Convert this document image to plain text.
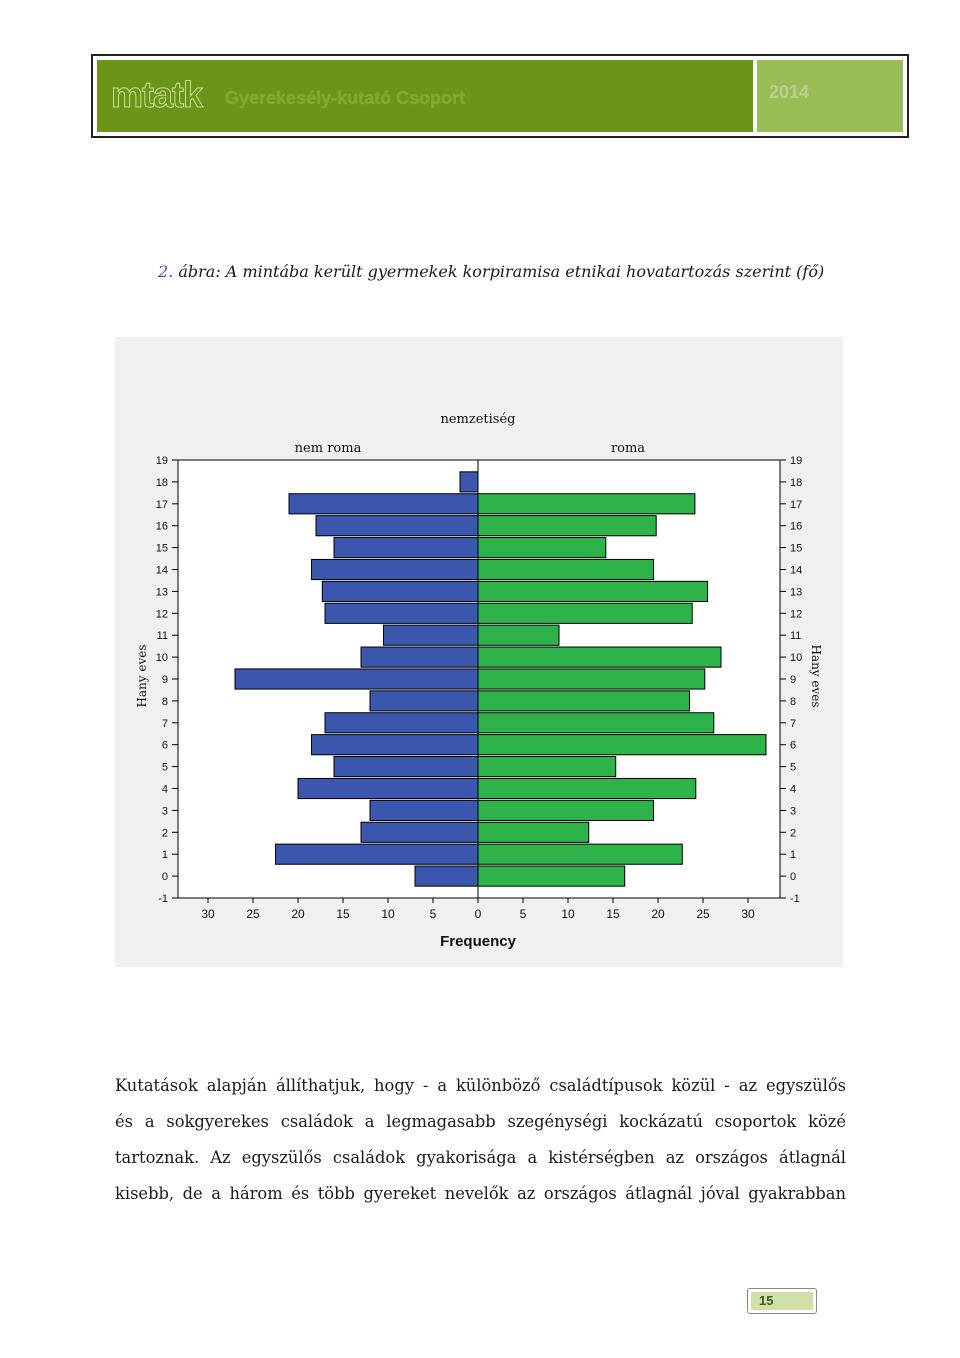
mtatk Gyerekesély-kutató Csoport	2014
2. ábra: A mintába került gyermekek korpiramisa etnikai hovatartozás szerint (fő)
nemzetiség
nem roma	roma
-1	-1
0	0
1	1
2	2
3	3
4	4
5	5
6	6
7	7
8	8
9	9
10	10
11	11
12	12
13	13
14	14
15	15
16	16
17	17
18	18
19	19
30	25	20	15	10	5	0	5	10	15	20	25	30
Frequency
Hany eves	Hany eves
Kutatások alapján állíthatjuk, hogy - a különböző családtípusok közül - az egyszülős
és a sokgyerekes családok a legmagasabb szegénységi kockázatú csoportok közé
tartoznak. Az egyszülős családok gyakorisága a kistérségben az országos átlagnál
kisebb, de a három és több gyereket nevelők az országos átlagnál jóval gyakrabban
15
